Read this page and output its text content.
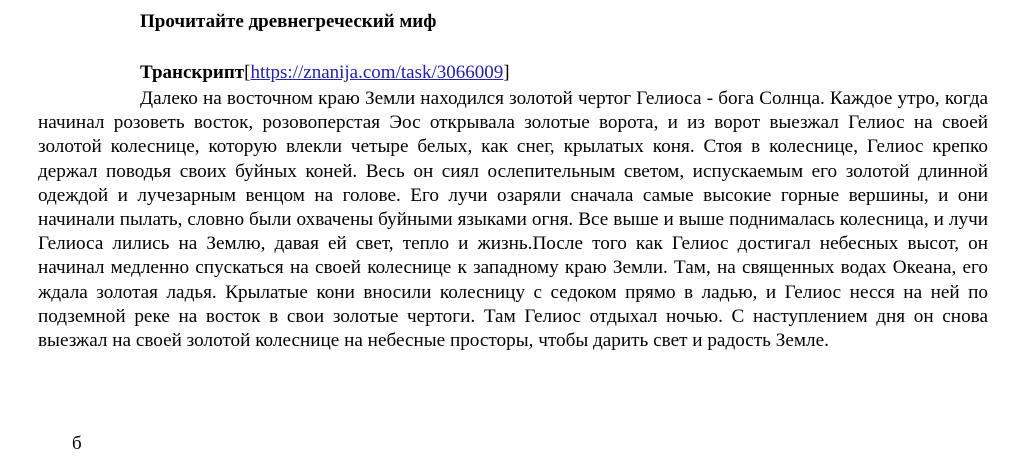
Прочитайте древнегреческий миф
Транскрипт[https://znanija.com/task/3066009]

Далеко на восточном краю Земли находился золотой чертог Гелиоса - бога Солнца. Каждое утро, когда начинал розоветь восток, розовоперстая Эос открывала золотые ворота, и из ворот выезжал Гелиос на своей золотой колеснице, которую влекли четыре белых, как снег, крылатых коня. Стоя в колеснице, Гелиос крепко держал поводья своих буйных коней. Весь он сиял ослепительным светом, испускаемым его золотой длинной одеждой и лучезарным венцом на голове. Его лучи озаряли сначала самые высокие горные вершины, и они начинали пылать, словно были охвачены буйными языками огня. Все выше и выше поднималась колесница, и лучи Гелиоса лились на Землю, давая ей свет, тепло и жизнь.После того как Гелиос достигал небесных высот, он начинал медленно спускаться на своей колеснице к западному краю Земли. Там, на священных водах Океана, его ждала золотая ладья. Крылатые кони вносили колесницу с седоком прямо в ладью, и Гелиос несся на ней по подземной реке на восток в свои золотые чертоги. Там Гелиос отдыхал ночью. С наступлением дня он снова выезжал на своей золотой колеснице на небесные просторы, чтобы дарить свет и радость Земле.

б
